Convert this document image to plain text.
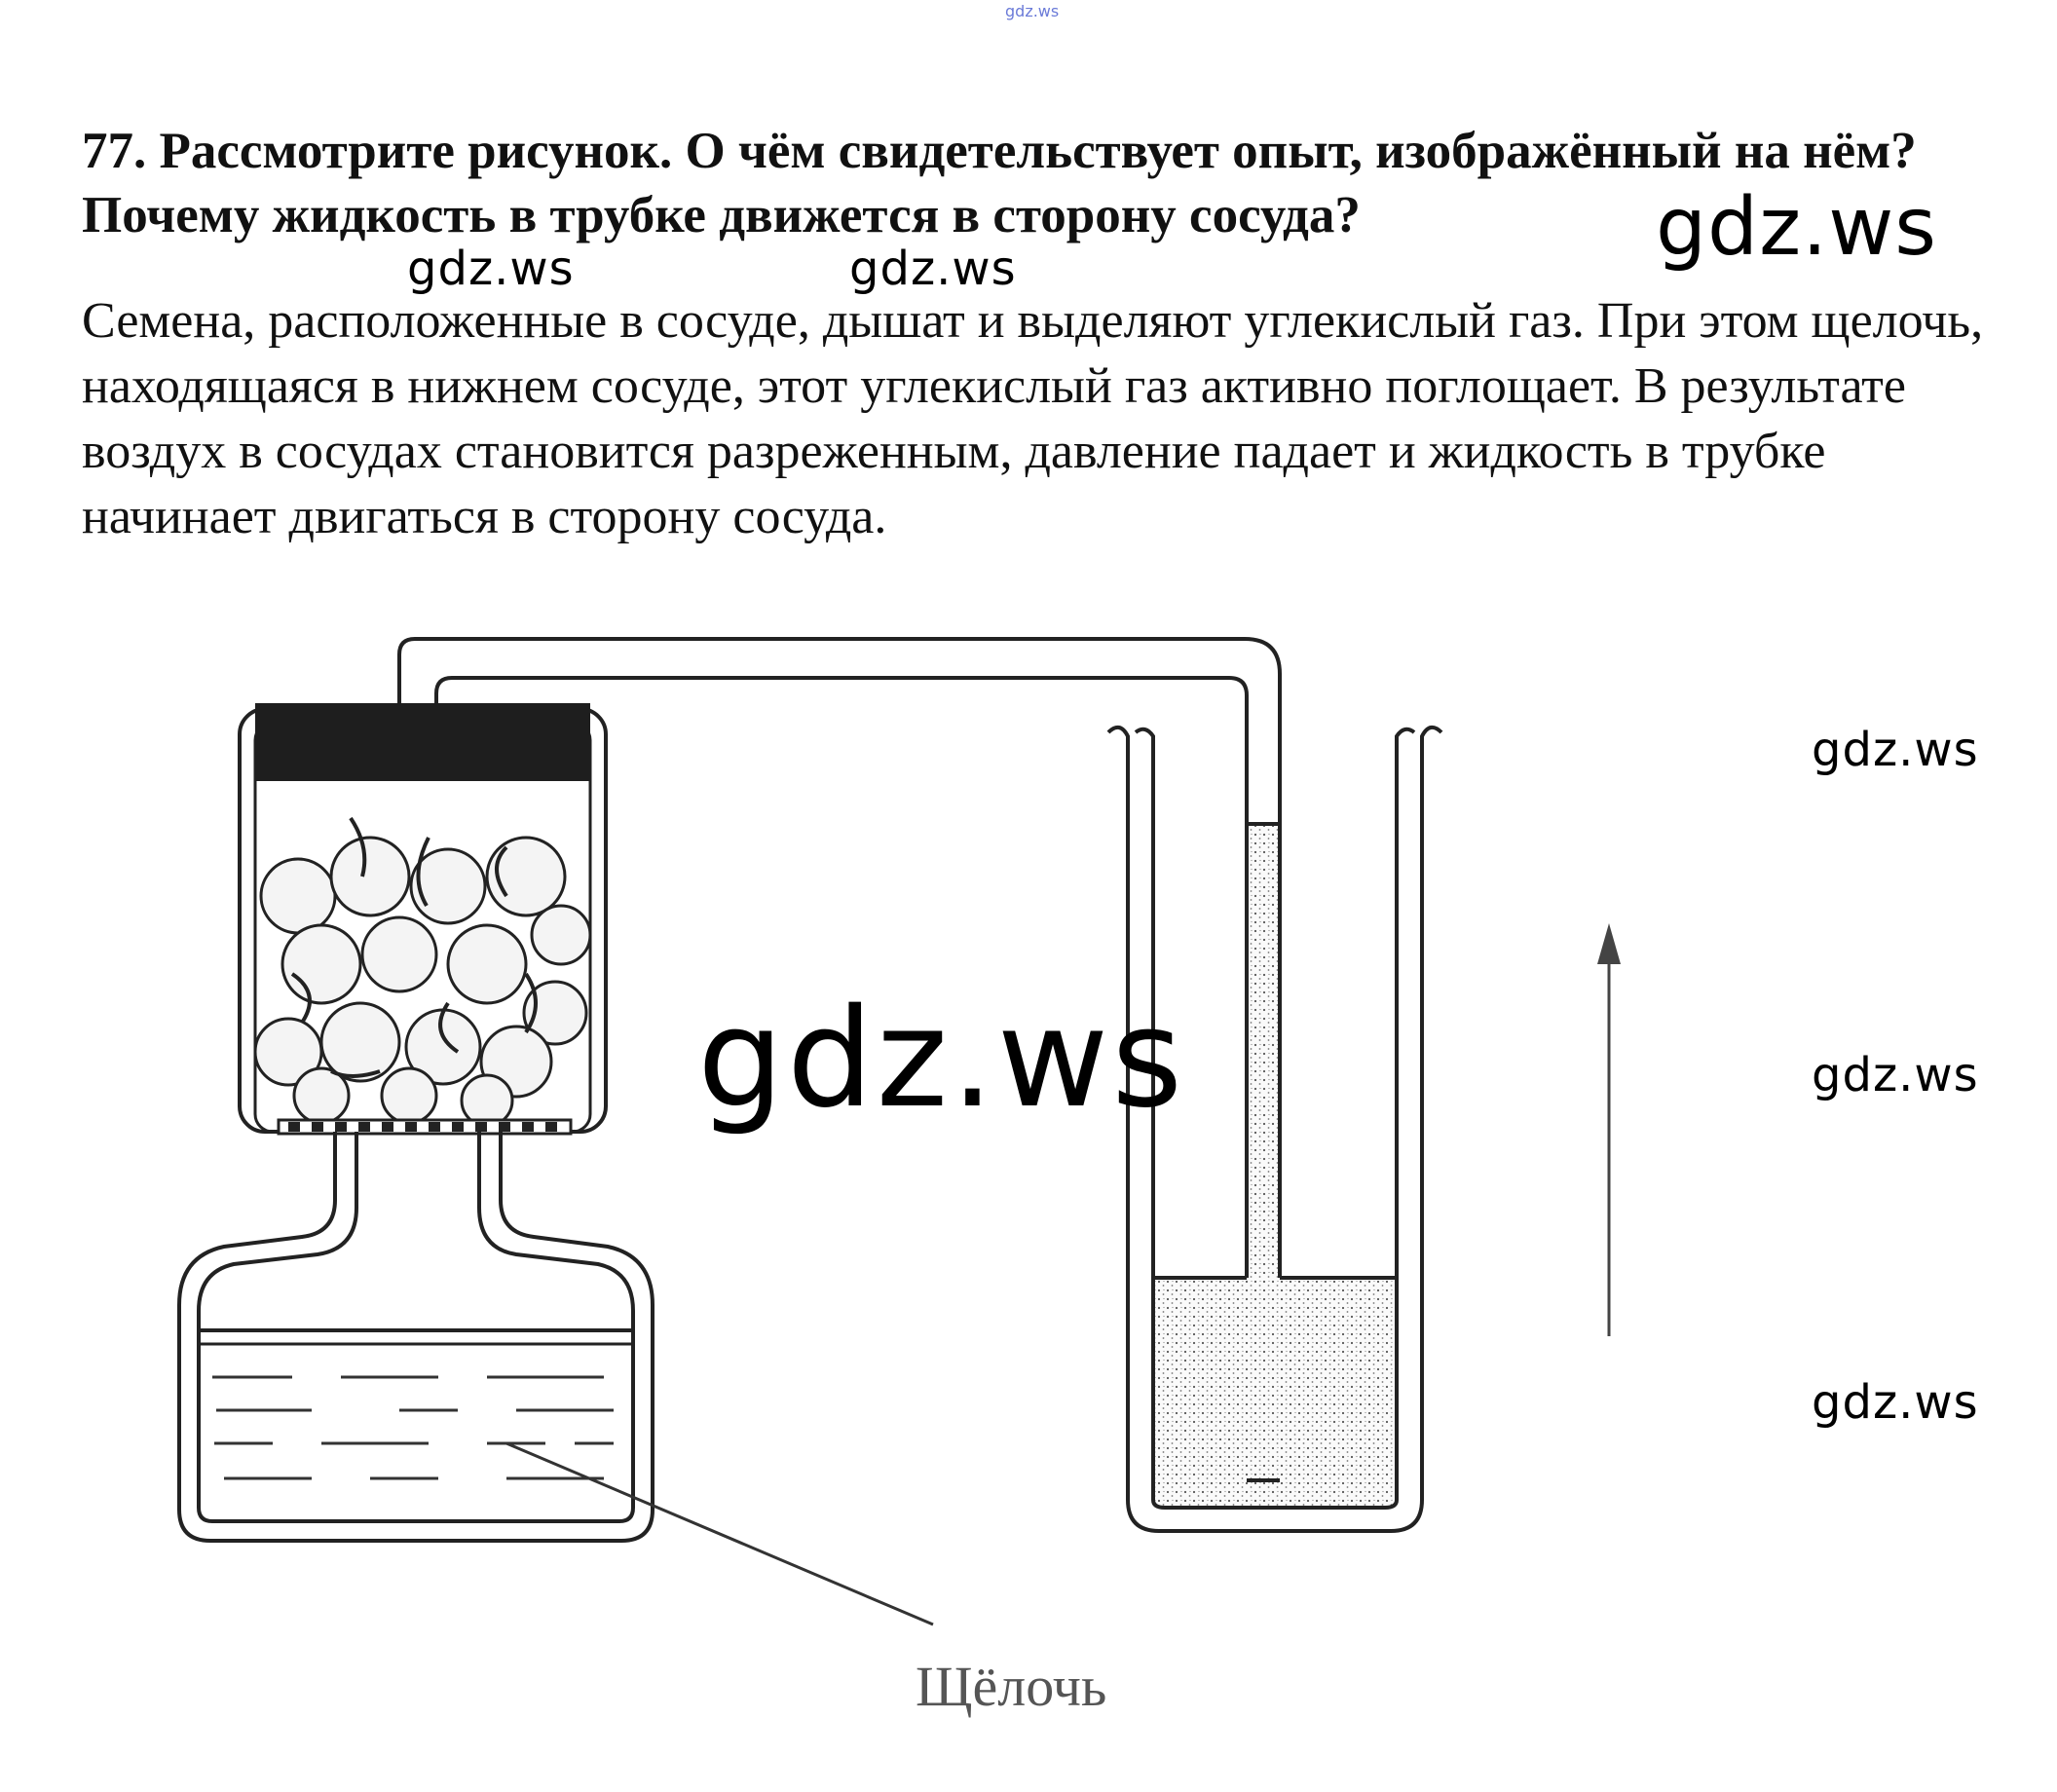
gdz.ws
77. Рассмотрите рисунок. О чём свидетельствует опыт, изображённый на нём? Почему жидкость в трубке движется в сторону сосуда?
Семена, расположенные в сосуде, дышат и выделяют углекислый газ. При этом щелочь, находящаяся в нижнем сосуде, этот углекислый газ активно поглощает. В результате воздух в сосудах становится разреженным, давление падает и жидкость в трубке начинает двигаться в сторону сосуда.
Щёлочь
gdz.ws
gdz.ws	gdz.ws
gdz.ws
gdz.ws
gdz.ws
gdz.ws
